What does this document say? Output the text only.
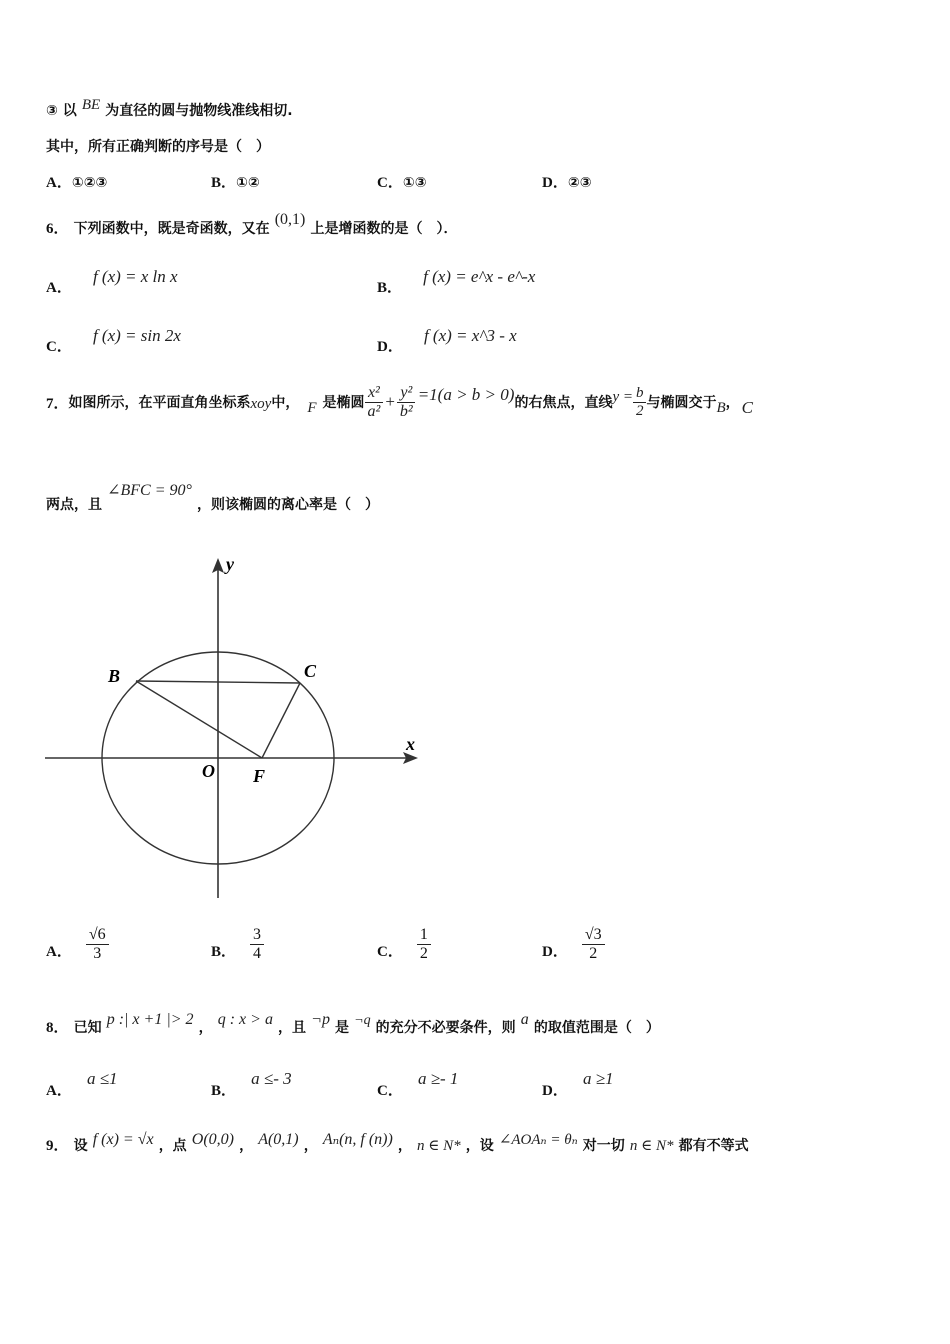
③ 以 BE 为直径的圆与抛物线准线相切.
其中，所有正确判断的序号是（　）
A．①②③	B．①②	C．①③	D．②③
6． 下列函数中，既是奇函数，又在 (0,1) 上是增函数的是（　）．
A． f (x) = x ln x
B． f (x) = e^x - e^-x
C． f (x) = sin 2x
D． f (x) = x^3 - x
7． 如图所示，在平面直角坐标系 xoy 中， F 是椭圆 $\frac{\text{x²}}{\text{a²}} + \frac{\text{y²}}{\text{b²}} =1(a > b > 0)$ 的右焦点，直线 $y = \frac{b}{2}$ 与椭圆交于 B ， C
两点，且 ∠BFC = 90° ，则该椭圆的离心率是（　）
y
x
O
B	C
F
A． $\frac{√6}{3}$	B． $\frac{3}{4}$	C． $\frac{1}{2}$	D． $\frac{√3}{2}$
8． 已知 p :| x +1 |> 2 ， q : x > a ，且 ¬p 是 ¬q 的充分不必要条件，则 a 的取值范围是（　）
A． a ≤1
B． a ≤- 3
C． a ≥- 1
D． a ≥1
9． 设 f (x) = √x ，点 O(0,0) ， A(0,1) ， Aₙ(n, f (n)) ， n ∈ N* ，设 ∠AOAₙ = θₙ 对一切 n ∈ N* 都有不等式
